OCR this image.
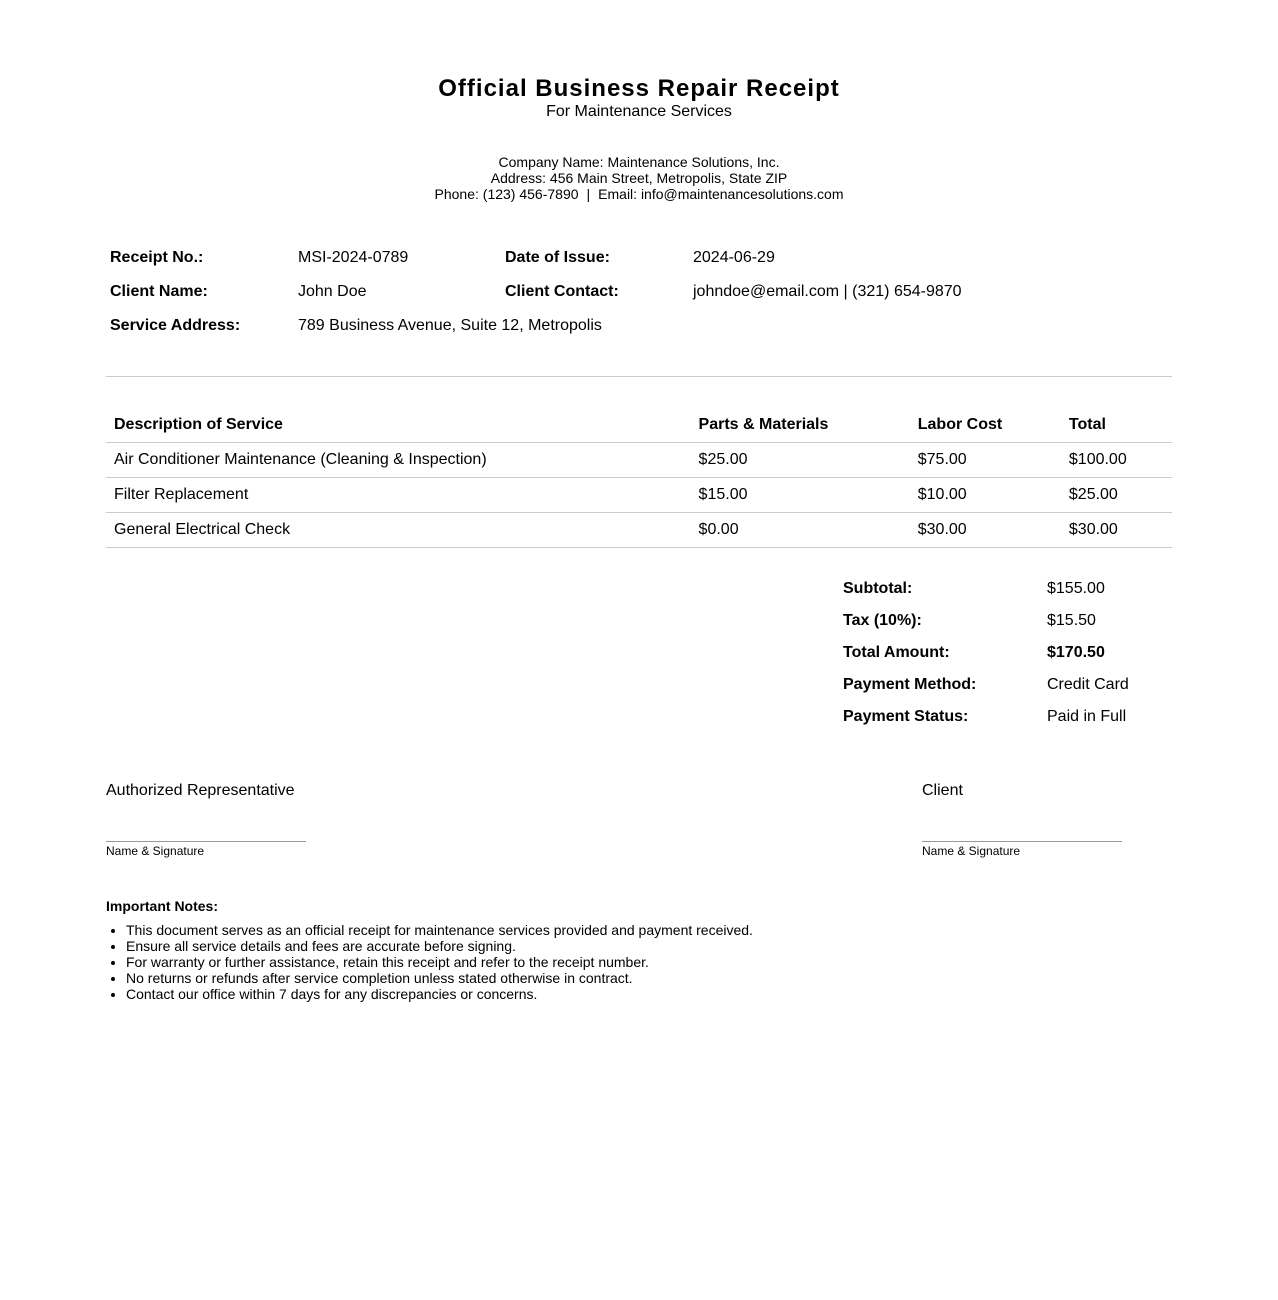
Official Business Repair Receipt
For Maintenance Services
Company Name: Maintenance Solutions, Inc.
Address: 456 Main Street, Metropolis, State ZIP
Phone: (123) 456-7890 | Email: info@maintenancesolutions.com
Receipt No.:	MSI-2024-0789	Date of Issue:	2024-06-29
Client Name:	John Doe	Client Contact:	johndoe@email.com | (321) 654-9870
Service Address:	789 Business Avenue, Suite 12, Metropolis		
Description of Service	Parts & Materials	Labor Cost	Total
Air Conditioner Maintenance (Cleaning & Inspection)	$25.00	$75.00	$100.00
Filter Replacement	$15.00	$10.00	$25.00
General Electrical Check	$0.00	$30.00	$30.00
Subtotal:	$155.00
Tax (10%):	$15.50
Total Amount:	$170.50
Payment Method:	Credit Card
Payment Status:	Paid in Full
Authorized Representative
Name & Signature
Client
Name & Signature
Important Notes:
• This document serves as an official receipt for maintenance services provided and payment received.
• Ensure all service details and fees are accurate before signing.
• For warranty or further assistance, retain this receipt and refer to the receipt number.
• No returns or refunds after service completion unless stated otherwise in contract.
• Contact our office within 7 days for any discrepancies or concerns.
